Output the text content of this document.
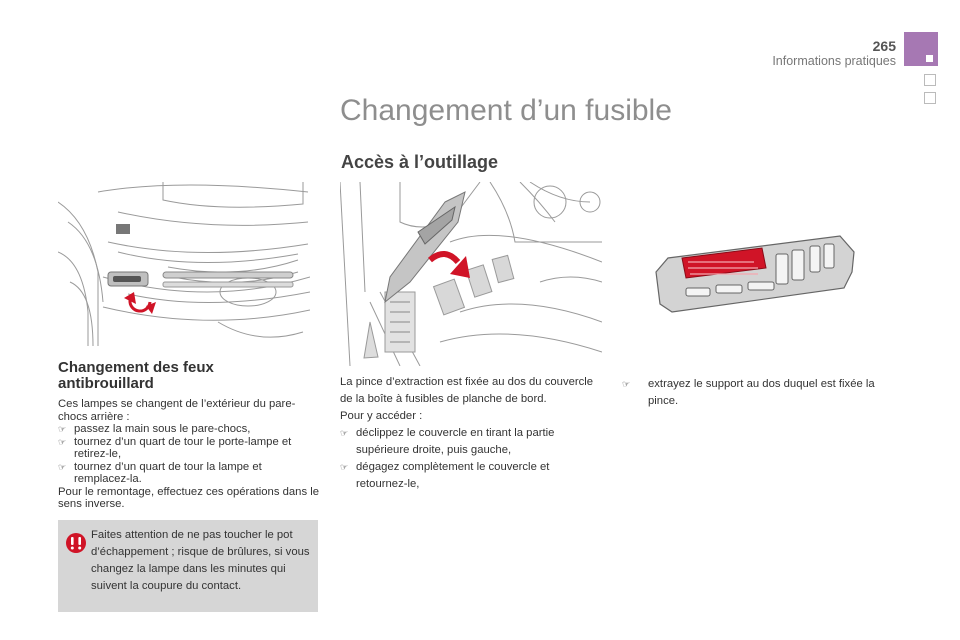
265
Informations pratiques
Changement d’un fusible
Accès à l’outillage
Changement des feux antibrouillard

Ces lampes se changent de l’extérieur du pare-chocs arrière :

☞ passez la main sous le pare-chocs,
☞ tournez d’un quart de tour le porte-lampe et retirez-le,
☞ tournez d’un quart de tour la lampe et remplacez-la.

Pour le remontage, effectuez ces opérations dans le sens inverse.

Faites attention de ne pas toucher le pot d’échappement ; risque de brûlures, si vous changez la lampe dans les minutes qui suivent la coupure du contact.

La pince d’extraction est fixée au dos du couvercle de la boîte à fusibles de planche de bord.

Pour y accéder :

☞ déclippez le couvercle en tirant la partie supérieure droite, puis gauche,
☞ dégagez complètement le couvercle et retournez-le,
☞	extrayez le support au dos duquel est fixée la pince.
